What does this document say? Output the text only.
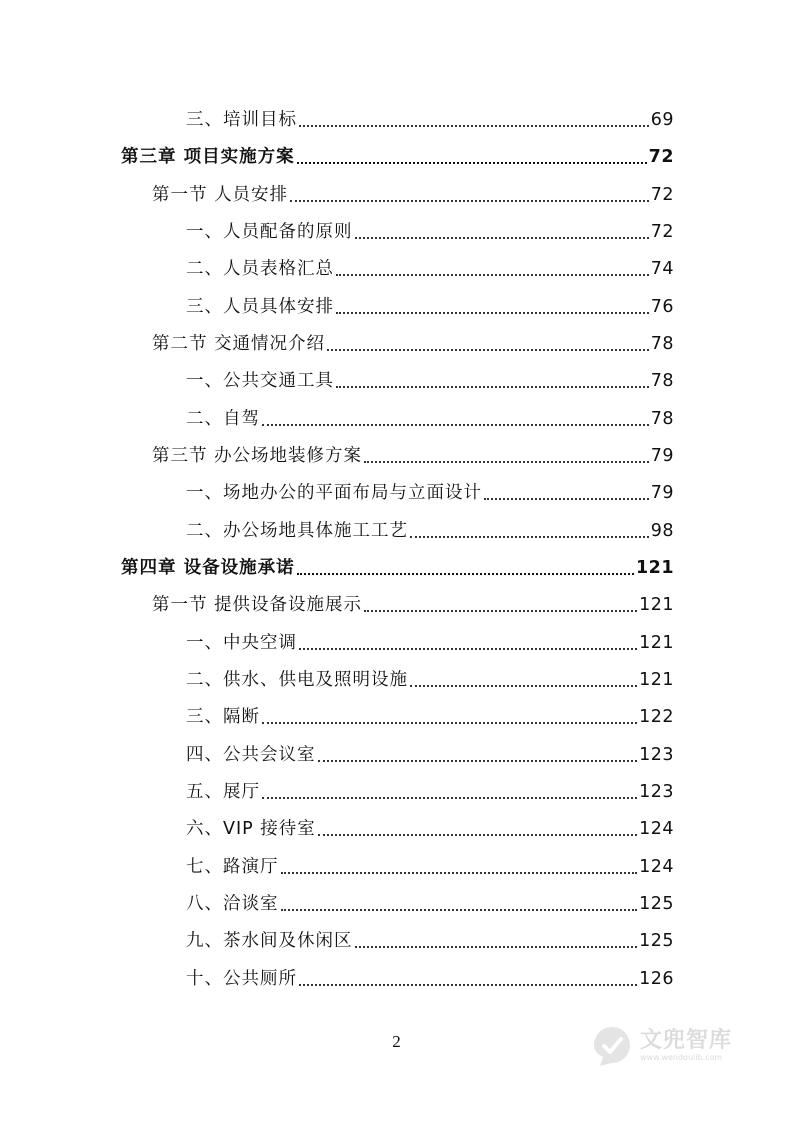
三、培训目标	69
第三章 项目实施方案	72
第一节 人员安排	72
一、人员配备的原则	72
二、人员表格汇总	74
三、人员具体安排	76
第二节 交通情况介绍	78
一、公共交通工具	78
二、自驾	78
第三节 办公场地装修方案	79
一、场地办公的平面布局与立面设计	79
二、办公场地具体施工工艺	98
第四章 设备设施承诺	121
第一节 提供设备设施展示	121
一、中央空调	121
二、供水、供电及照明设施	121
三、隔断	122
四、公共会议室	123
五、展厅	123
六、VIP 接待室	124
七、路演厅	124
八、洽谈室	125
九、茶水间及休闲区	125
十、公共厕所	126
2	文兜智库
www.wendoulib.com
